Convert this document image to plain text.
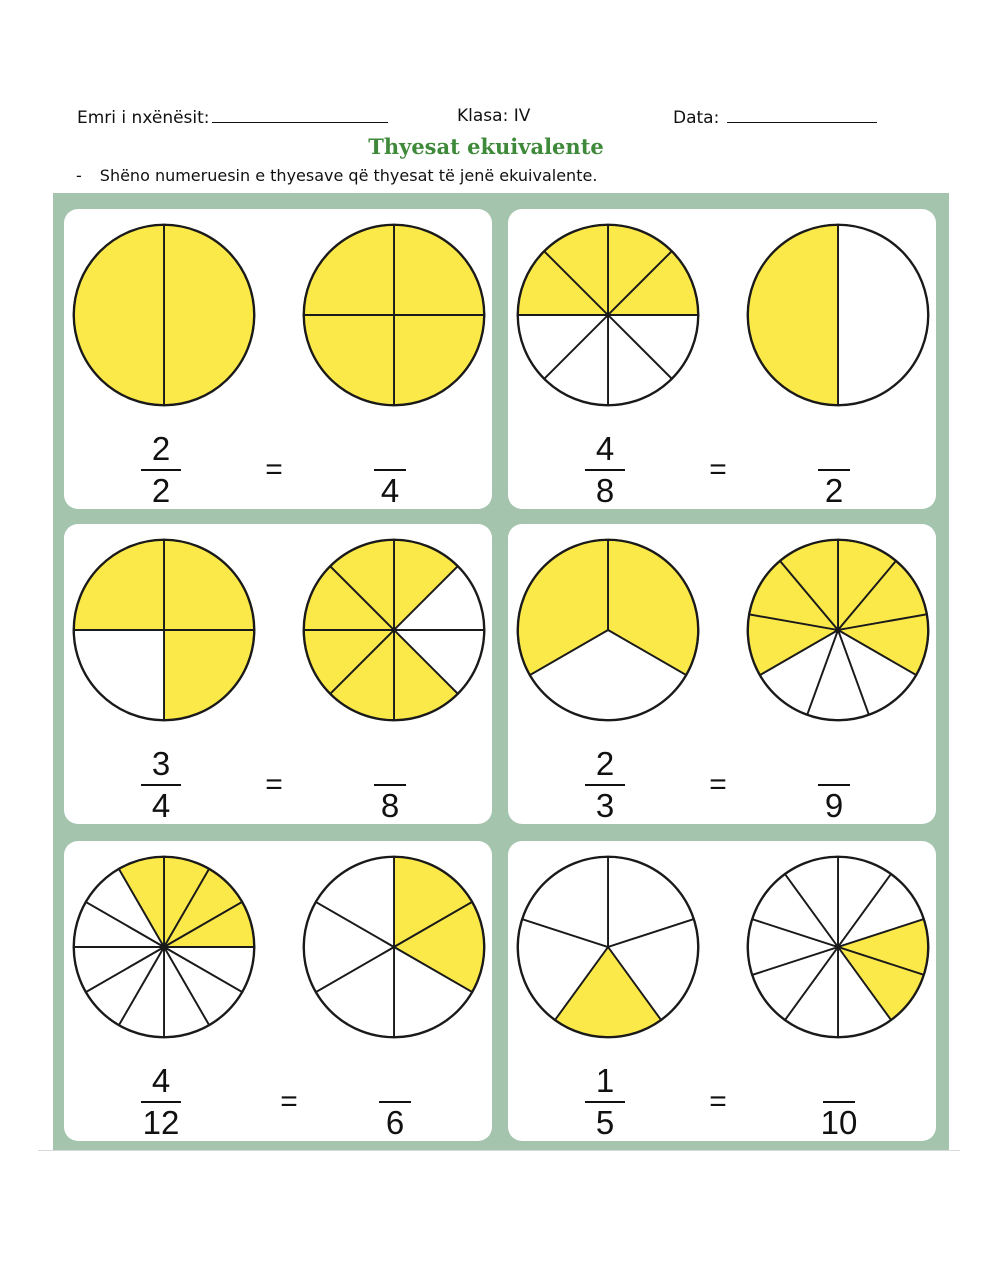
Emri i nxënësit:	Klasa: IV	Data:
Thyesat ekuivalente
- Shëno numeruesin e thyesave që thyesat të jenë ekuivalente.
2
2
=

4
4
8
=

2
3
4
=

8
2
3
=

9
4
12
=

6
1
5
=

10
